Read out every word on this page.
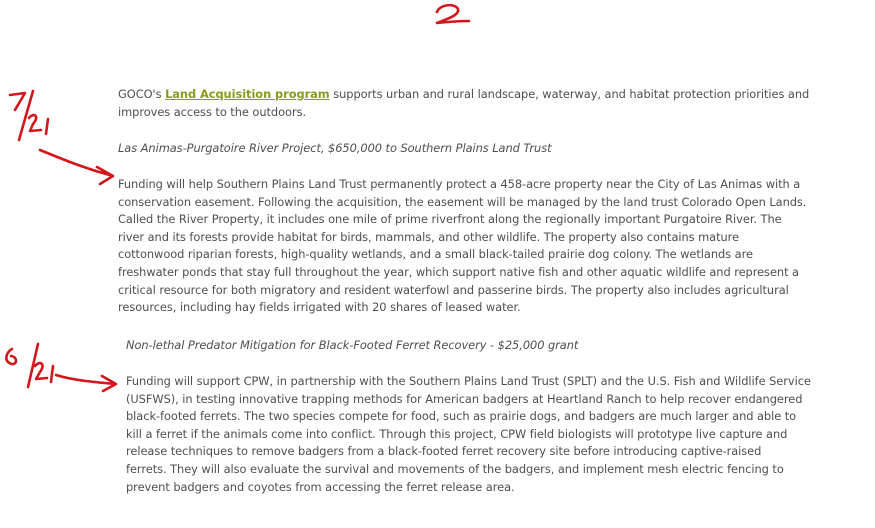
GOCO's Land Acquisition program supports urban and rural landscape, waterway, and habitat protection priorities and
improves access to the outdoors.
Las Animas-Purgatoire River Project, $650,000 to Southern Plains Land Trust
Funding will help Southern Plains Land Trust permanently protect a 458-acre property near the City of Las Animas with a
conservation easement. Following the acquisition, the easement will be managed by the land trust Colorado Open Lands.
Called the River Property, it includes one mile of prime riverfront along the regionally important Purgatoire River. The
river and its forests provide habitat for birds, mammals, and other wildlife. The property also contains mature
cottonwood riparian forests, high-quality wetlands, and a small black-tailed prairie dog colony. The wetlands are
freshwater ponds that stay full throughout the year, which support native fish and other aquatic wildlife and represent a
critical resource for both migratory and resident waterfowl and passerine birds. The property also includes agricultural
resources, including hay fields irrigated with 20 shares of leased water.
Non-lethal Predator Mitigation for Black-Footed Ferret Recovery - $25,000 grant
Funding will support CPW, in partnership with the Southern Plains Land Trust (SPLT) and the U.S. Fish and Wildlife Service
(USFWS), in testing innovative trapping methods for American badgers at Heartland Ranch to help recover endangered
black-footed ferrets. The two species compete for food, such as prairie dogs, and badgers are much larger and able to
kill a ferret if the animals come into conflict. Through this project, CPW field biologists will prototype live capture and
release techniques to remove badgers from a black-footed ferret recovery site before introducing captive-raised
ferrets. They will also evaluate the survival and movements of the badgers, and implement mesh electric fencing to
prevent badgers and coyotes from accessing the ferret release area.
